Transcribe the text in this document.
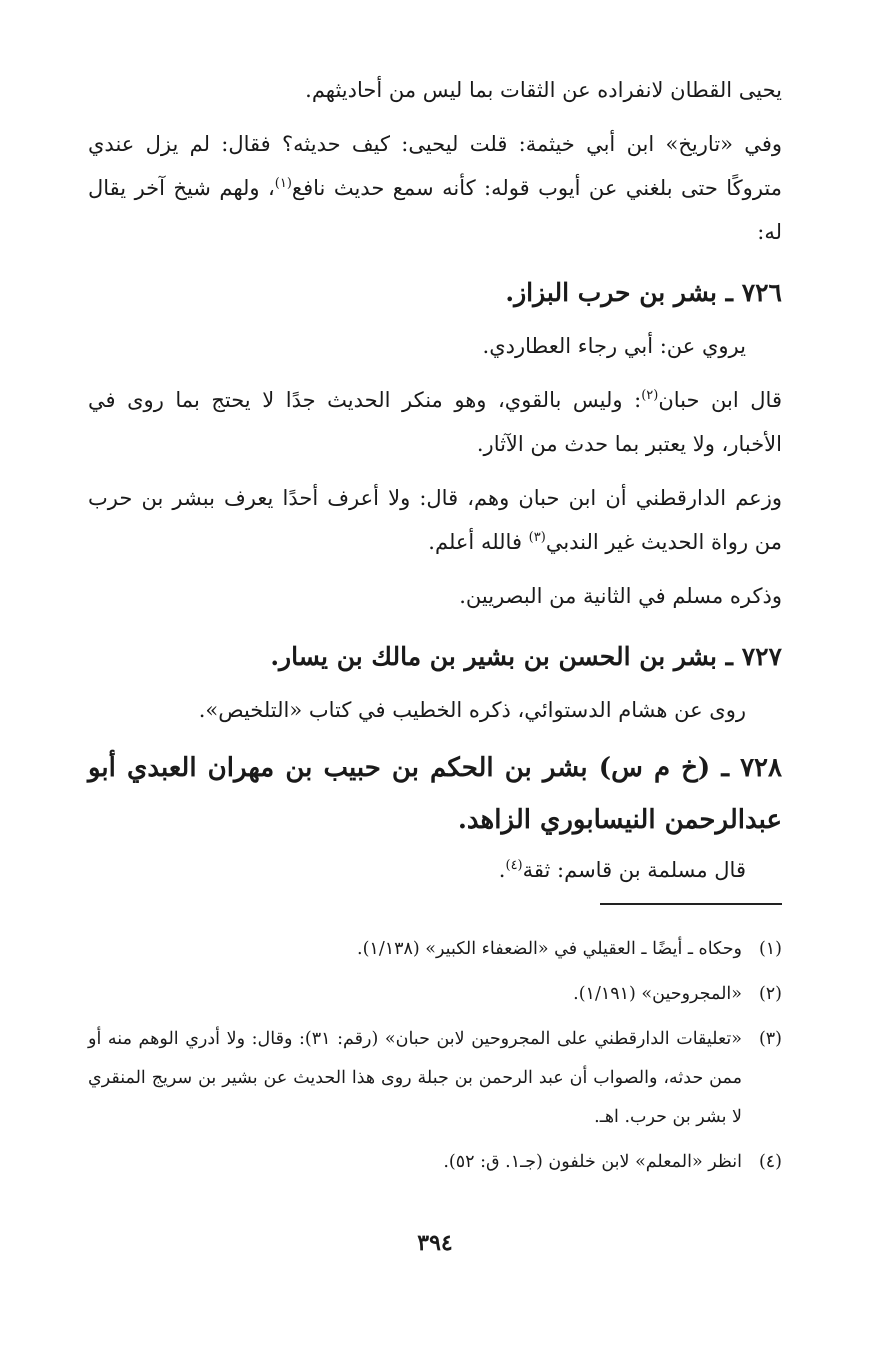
يحيى القطان لانفراده عن الثقات بما ليس من أحاديثهم.

وفي «تاريخ» ابن أبي خيثمة: قلت ليحيى: كيف حديثه؟ فقال: لم يزل عندي متروكًا حتى بلغني عن أيوب قوله: كأنه سمع حديث نافع$^{(١)}$، ولهم شيخ آخر يقال له:

٧٢٦ ـ بشر بن حرب البزاز.

يروي عن: أبي رجاء العطاردي.

قال ابن حبان$^{(٢)}$: وليس بالقوي، وهو منكر الحديث جدًا لا يحتج بما روى في الأخبار، ولا يعتبر بما حدث من الآثار.

وزعم الدارقطني أن ابن حبان وهم، قال: ولا أعرف أحدًا يعرف ببشر بن حرب من رواة الحديث غير الندبي$^{(٣)}$ فالله أعلم.

وذكره مسلم في الثانية من البصريين.

٧٢٧ ـ بشر بن الحسن بن بشير بن مالك بن يسار.

روى عن هشام الدستوائي، ذكره الخطيب في كتاب «التلخيص».

٧٢٨ ـ (خ م س) بشر بن الحكم بن حبيب بن مهران العبدي أبو عبدالرحمن النيسابوري الزاهد.

قال مسلمة بن قاسم: ثقة$^{(٤)}$.

(١)
وحكاه ـ أيضًا ـ العقيلي في «الضعفاء الكبير» (١/١٣٨).

(٢)
«المجروحين» (١/١٩١).

(٣)
«تعليقات الدارقطني على المجروحين لابن حبان» (رقم: ٣١): وقال: ولا أدري الوهم منه أو ممن حدثه، والصواب أن عبد الرحمن بن جبلة روى هذا الحديث عن بشير بن سريج المنقري لا بشر بن حرب. اهـ.

(٤)
انظر «المعلم» لابن خلفون (جـ١. ق: ٥٢).

٣٩٤
